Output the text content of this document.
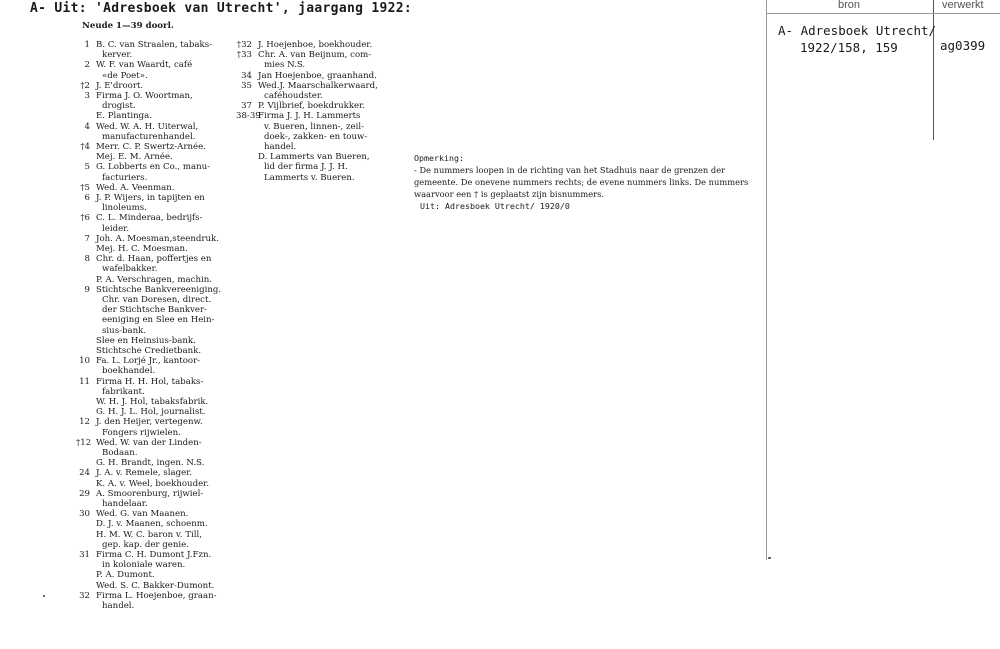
A- Uit: 'Adresboek van Utrecht', jaargang 1922:
Neude 1—39 doorl.
1 B. C. van Straalen, tabaks-
kerver.
2 W. F. van Waardt, café
«de Poet».
†2 J. E'droort.
3 Firma J. O. Woortman,
drogist.
E. Plantinga.
4 Wed. W. A. H. Uiterwal,
manufacturenhandel.
†4 Merr. C. P. Swertz-Arnée.
Mej. E. M. Arnée.
5 G. Lobberts en Co., manu-
facturiers.
†5 Wed. A. Veenman.
6 J. P. Wijers, in tapijten en
linoleums.
†6 C. L. Minderaa, bedrijfs-
leider.
7 Joh. A. Moesman,steendruk.
Mej. H. C. Moesman.
8 Chr. d. Haan, poffertjes en
wafelbakker.
P. A. Verschragen, machin.
9 Stichtsche Bankvereeniging.
Chr. van Doresen, direct.
der Stichtsche Bankver-
eeniging en Slee en Hein-
sius-bank.
Slee en Heinsius-bank.
Stichtsche Credietbank.
10 Fa. L. Lorjé Jr., kantoor-
boekhandel.
11 Firma H. H. Hol, tabaks-
fabrikant.
W. H. J. Hol, tabaksfabrik.
G. H. J. L. Hol, journalist.
12 J. den Heijer, vertegenw.
Fongers rijwielen.
†12 Wed. W. van der Linden-
Bodaan.
G. H. Brandt, ingen. N.S.
24 J. A. v. Remele, slager.
K. A. v. Weel, boekhouder.
29 A. Smoorenburg, rijwiel-
handelaar.
30 Wed. G. van Maanen.
D. J. v. Maanen, schoenm.
H. M. W. C. baron v. Till,
gep. kap. der genie.
31 Firma C. H. Dumont J.Fzn.
in koloniale waren.
P. A. Dumont.
Wed. S. C. Bakker-Dumont.
32 Firma L. Hoejenboe, graan-
handel.
†32 J. Hoejenboe, boekhouder.
†33 Chr. A. van Beijnum, com-
mies N.S.
34 Jan Hoejenboe, graanhand.
35 Wed.J. Maarschalkerwaard,
caféhoudster.
37 P. Vijlbrief, boekdrukker.
38-39
Firma J. J. H. Lammerts
v. Bueren, linnen-, zeil-
doek-, zakken- en touw-
handel.
D. Lammerts van Bueren,
lid der firma J. J. H.
Lammerts v. Bueren.
Opmerking:
- De nummers loopen in de richting van het Stadhuis naar de grenzen der
gemeente. De onevene nummers rechts; de evene nummers links. De nummers
waarvoor een † is geplaatst zijn bisnummers.
Uit: Adresboek Utrecht/ 1920/0
bron	verwerkt
A- Adresboek Utrecht/
1922/158, 159	ag0399
